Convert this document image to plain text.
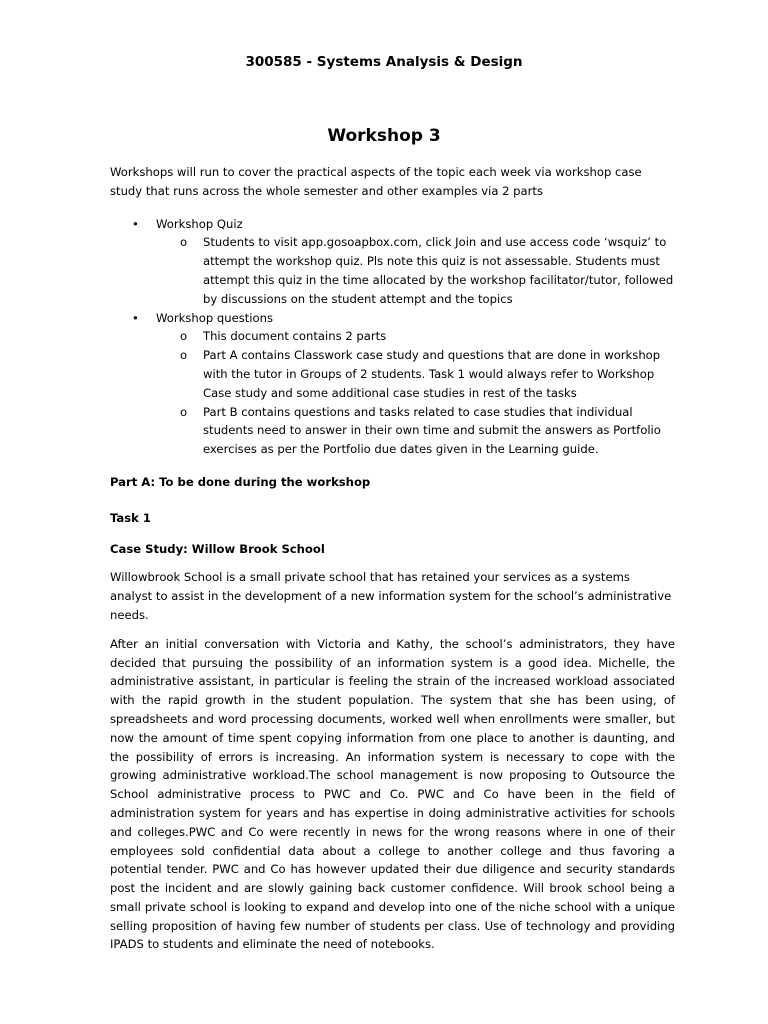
300585 - Systems Analysis & Design
Workshop 3

Workshops will run to cover the practical aspects of the topic each week via workshop case study that runs across the whole semester and other examples via 2 parts

• Workshop Quiz
o Students to visit app.gosoapbox.com, click Join and use access code ‘wsquiz’ to attempt the workshop quiz. Pls note this quiz is not assessable. Students must attempt this quiz in the time allocated by the workshop facilitator/tutor, followed by discussions on the student attempt and the topics
• Workshop questions
o This document contains 2 parts
o Part A contains Classwork case study and questions that are done in workshop with the tutor in Groups of 2 students. Task 1 would always refer to Workshop Case study and some additional case studies in rest of the tasks
o Part B contains questions and tasks related to case studies that individual students need to answer in their own time and submit the answers as Portfolio exercises as per the Portfolio due dates given in the Learning guide.

Part A: To be done during the workshop

Task 1

Case Study: Willow Brook School

Willowbrook School is a small private school that has retained your services as a systems analyst to assist in the development of a new information system for the school’s administrative needs.

After an initial conversation with Victoria and Kathy, the school’s administrators, they have decided that pursuing the possibility of an information system is a good idea. Michelle, the administrative assistant, in particular is feeling the strain of the increased workload associated with the rapid growth in the student population. The system that she has been using, of spreadsheets and word processing documents, worked well when enrollments were smaller, but now the amount of time spent copying information from one place to another is daunting, and the possibility of errors is increasing. An information system is necessary to cope with the growing administrative workload.The school management is now proposing to Outsource the School administrative process to PWC and Co. PWC and Co have been in the field of administration system for years and has expertise in doing administrative activities for schools and colleges.PWC and Co were recently in news for the wrong reasons where in one of their employees sold confidential data about a college to another college and thus favoring a potential tender. PWC and Co has however updated their due diligence and security standards post the incident and are slowly gaining back customer confidence. Will brook school being a small private school is looking to expand and develop into one of the niche school with a unique selling proposition of having few number of students per class. Use of technology and providing IPADS to students and eliminate the need of notebooks.
